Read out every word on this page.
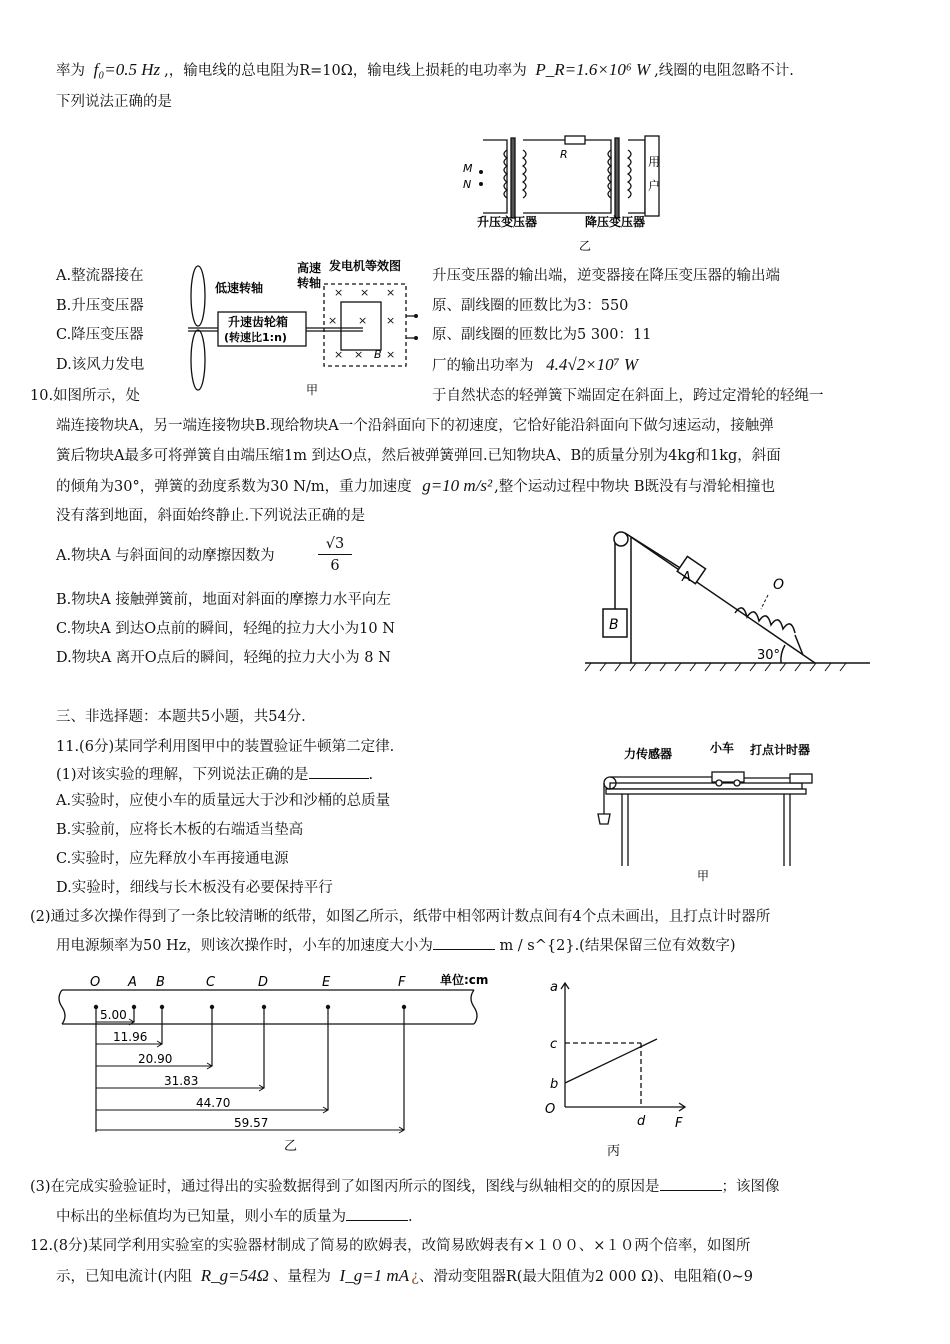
率为 f₀=0.5 Hz ,，输电线的总电阻为R=10Ω，输电线上损耗的电功率为 P_R=1.6×10⁶ W ,线圈的电阻忽略不计.
下列说法正确的是
M
N
R
用
户
升压变压器	降压变压器
乙
× × ×
× × ×
× × ×
低速转轴
高速
转轴
发电机等效图
升速齿轮箱
(转速比1:n)
B
甲
A.整流器接在	升压变压器的输出端，逆变器接在降压变压器的输出端
B.升压变压器	原、副线圈的匝数比为3：550
C.降压变压器	原、副线圈的匝数比为5 300：11
D.该风力发电	厂的输出功率为 4.4√2×10⁷ W
10.如图所示，处	于自然状态的轻弹簧下端固定在斜面上，跨过定滑轮的轻绳一
端连接物块A，另一端连接物块B.现给物块A一个沿斜面向下的初速度，它恰好能沿斜面向下做匀速运动，接触弹
簧后物块A最多可将弹簧自由端压缩1m 到达O点，然后被弹簧弹回.已知物块A、B的质量分别为4kg和1kg，斜面
的倾角为30°，弹簧的劲度系数为30 N/m，重力加速度 g=10 m/s² ,整个运动过程中物块 B既没有与滑轮相撞也
没有落到地面，斜面始终静止.下列说法正确的是
A.物块A 与斜面间的动摩擦因数为	$\frac{√3}{6}$
B.物块A 接触弹簧前，地面对斜面的摩擦力水平向左
C.物块A 到达O点前的瞬间，轻绳的拉力大小为10 N
D.物块A 离开O点后的瞬间，轻绳的拉力大小为 8 N
B
A	O
30°
三、非选择题：本题共5小题，共54分.
11.(6分)某同学利用图甲中的装置验证牛顿第二定律.
(1)对该实验的理解，下列说法正确的是	.
A.实验时，应使小车的质量远大于沙和沙桶的总质量
B.实验前，应将长木板的右端适当垫高
C.实验时，应先释放小车再接通电源
D.实验时，细线与长木板没有必要保持平行
力传感器	小车 打点计时器
甲
(2)通过多次操作得到了一条比较清晰的纸带，如图乙所示，纸带中相邻两计数点间有4个点未画出，且打点计时器所
用电源频率为50 Hz，则该次操作时，小车的加速度大小为	m / s^{2}.(结果保留三位有效数字)
单位:cm
O A B	C	D	E	F
5.00
11.96
20.90
31.83
44.70
59.57
乙
a
c
b
O
d F
丙
(3)在完成实验验证时，通过得出的实验数据得到了如图丙所示的图线，图线与纵轴相交的的原因是	；该图像
中标出的坐标值均为已知量，则小车的质量为	.
12.(8分)某同学利用实验室的实验器材制成了简易的欧姆表，改简易欧姆表有×１００、×１０两个倍率，如图所
示，已知电流计(内阻 R_g=54Ω 、量程为 I_g=1 mA ¿、滑动变阻器R(最大阻值为2 000 Ω)、电阻箱(0~9
